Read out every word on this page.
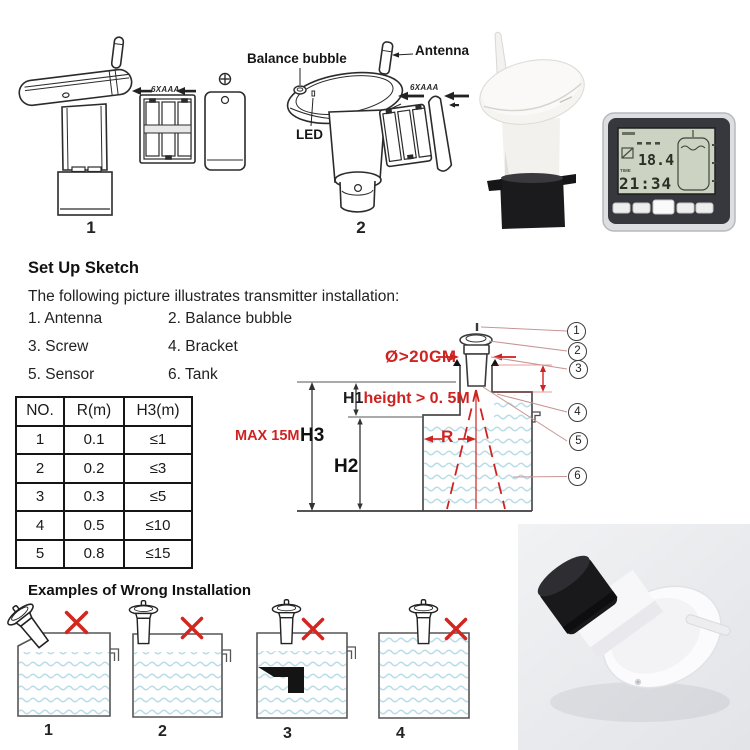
6XAAA
1
Balance bubble
Antenna
LED
6XAAA
2
18.4
TIME
21:34
Set Up Sketch
The following picture illustrates transmitter installation:
1. Antenna	2. Balance bubble
3. Screw	4. Bracket
5. Sensor	6. Tank
NO.	R(m)	H3(m)
1	0.1	≤1
2	0.2	≤3
3	0.3	≤5
4	0.5	≤10
5	0.8	≤15
Ø>20CM
H1height > 0. 5M
MAX 15M H3
H2
R
1
2
3
4
5
6
Examples of Wrong Installation
1	2	3	4
